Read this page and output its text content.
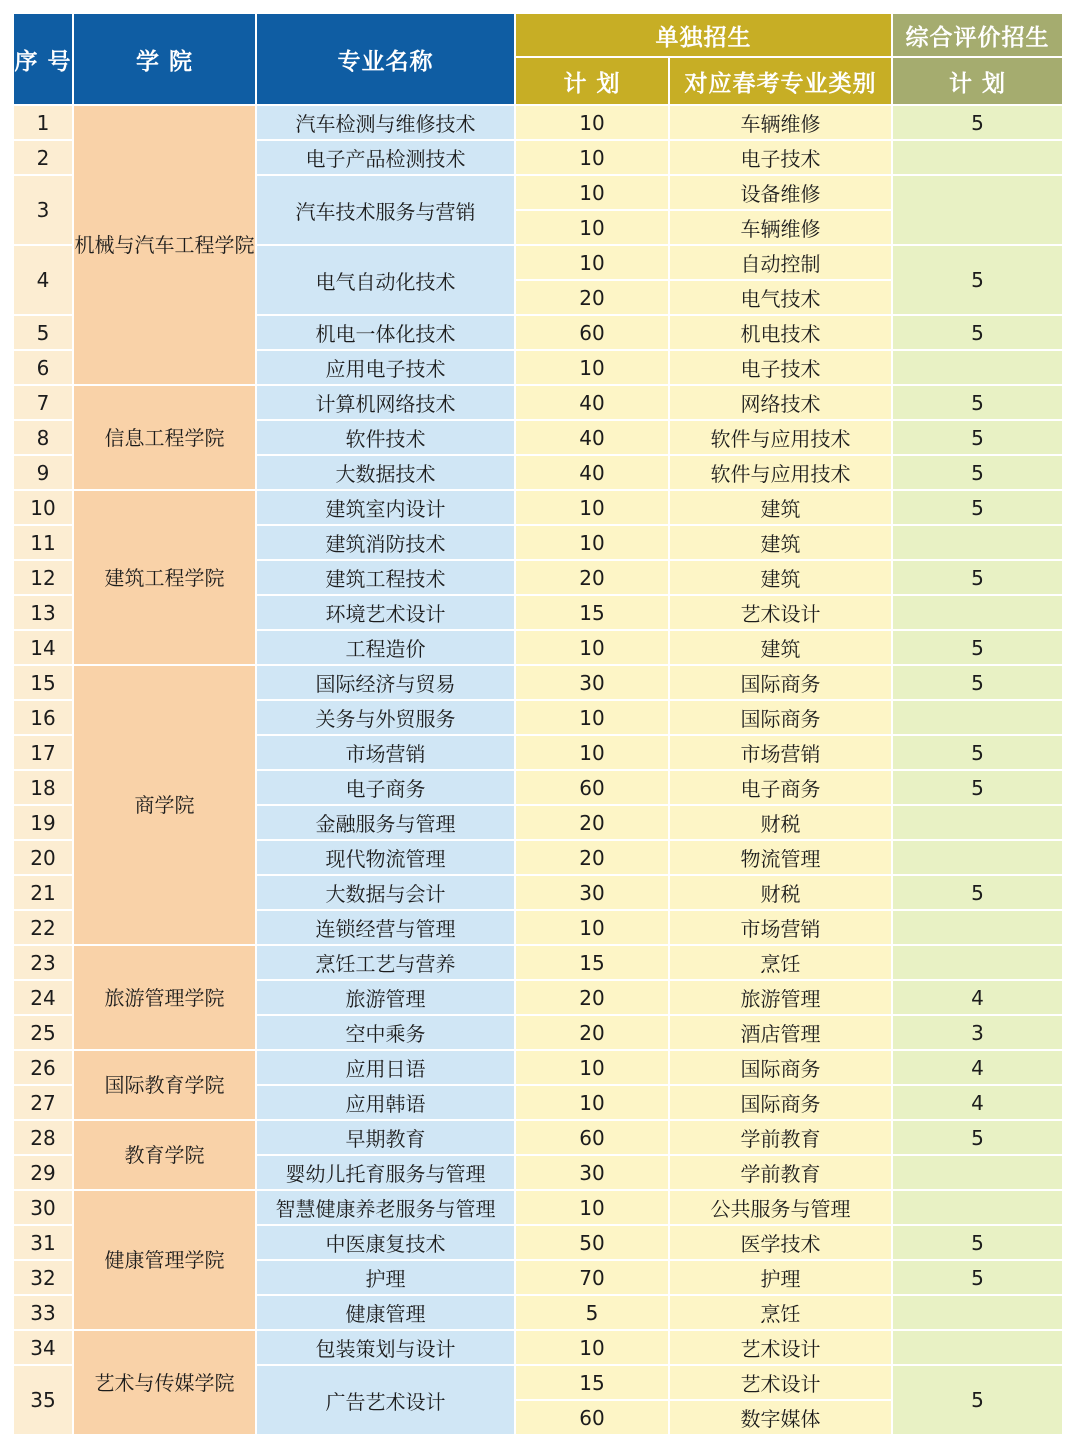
序 号	学 院	专业名称	单独招生		综合评价招生
			计 划	对应春考专业类别	计 划
1	机械与汽车工程学院	汽车检测与维修技术	10	车辆维修	5
2		电子产品检测技术	10	电子技术	
3		汽车技术服务与营销	10	设备维修	
			10	车辆维修	
4		电气自动化技术	10	自动控制	5
			20	电气技术	
5		机电一体化技术	60	机电技术	5
6		应用电子技术	10	电子技术	
7	信息工程学院	计算机网络技术	40	网络技术	5
8		软件技术	40	软件与应用技术	5
9		大数据技术	40	软件与应用技术	5
10	建筑工程学院	建筑室内设计	10	建筑	5
11		建筑消防技术	10	建筑	
12		建筑工程技术	20	建筑	5
13		环境艺术设计	15	艺术设计	
14		工程造价	10	建筑	5
15	商学院	国际经济与贸易	30	国际商务	5
16		关务与外贸服务	10	国际商务	
17		市场营销	10	市场营销	5
18		电子商务	60	电子商务	5
19		金融服务与管理	20	财税	
20		现代物流管理	20	物流管理	
21		大数据与会计	30	财税	5
22		连锁经营与管理	10	市场营销	
23	旅游管理学院	烹饪工艺与营养	15	烹饪	
24		旅游管理	20	旅游管理	4
25		空中乘务	20	酒店管理	3
26	国际教育学院	应用日语	10	国际商务	4
27		应用韩语	10	国际商务	4
28	教育学院	早期教育	60	学前教育	5
29		婴幼儿托育服务与管理	30	学前教育	
30	健康管理学院	智慧健康养老服务与管理	10	公共服务与管理	
31		中医康复技术	50	医学技术	5
32		护理	70	护理	5
33		健康管理	5	烹饪	
34	艺术与传媒学院	包装策划与设计	10	艺术设计	
35		广告艺术设计	15	艺术设计	5
			60	数字媒体	
